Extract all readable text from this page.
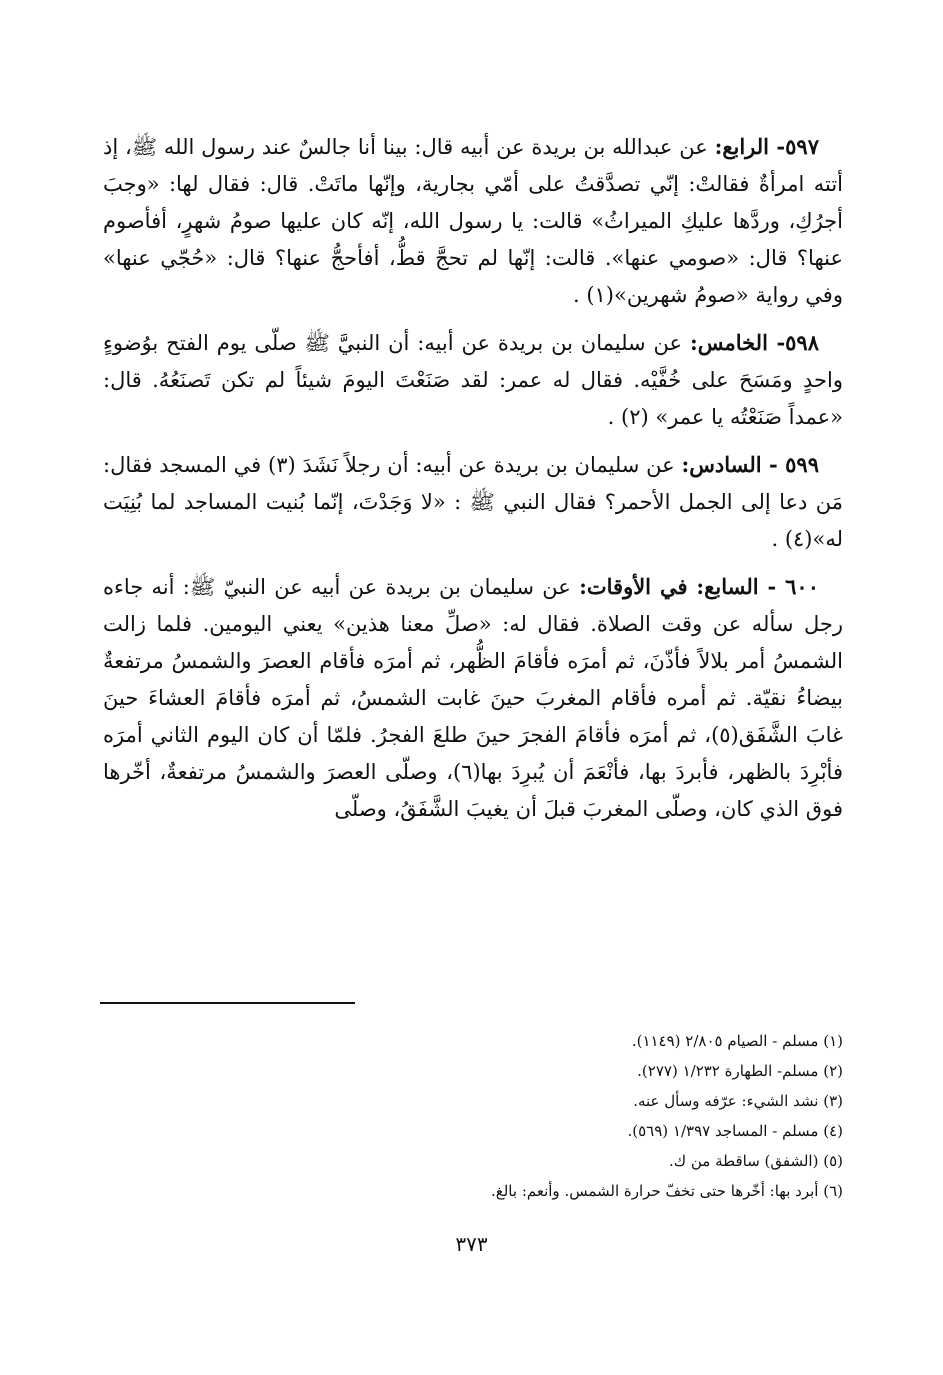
٥٩٧- الرابع: عن عبدالله بن بريدة عن أبيه قال: بينا أنا جالسٌ عند رسول الله ﷺ، إذ أتته امرأةٌ فقالتْ: إنّي تصدَّقتُ على أمّي بجارية، وإنّها ماتَتْ. قال: فقال لها: «وجبَ أجرُكِ، وردَّها عليكِ الميراثُ» قالت: يا رسول الله، إنّه كان عليها صومُ شهرٍ، أفأصوم عنها؟ قال: «صومي عنها». قالت: إنّها لم تحجَّ قطُّ، أفأحجُّ عنها؟ قال: «حُجّي عنها» وفي رواية «صومُ شهرين»(١) .

٥٩٨- الخامس: عن سليمان بن بريدة عن أبيه: أن النبيَّ ﷺ صلّى يوم الفتح بوُضوءٍ واحدٍ ومَسَحَ على خُفَّيْه. فقال له عمر: لقد صَنَعْتَ اليومَ شيئاً لم تكن تَصنَعُهُ. قال: «عمداً صَنَعْتُه يا عمر» (٢) .

٥٩٩ - السادس: عن سليمان بن بريدة عن أبيه: أن رجلاً نَشَدَ (٣) في المسجد فقال: مَن دعا إلى الجمل الأحمر؟ فقال النبي ﷺ : «لا وَجَدْتَ، إنّما بُنيت المساجد لما بُنِيَت له»(٤) .

٦٠٠ - السابع: في الأوقات: عن سليمان بن بريدة عن أبيه عن النبيّ ﷺ: أنه جاءه رجل سأله عن وقت الصلاة. فقال له: «صلِّ معنا هذين» يعني اليومين. فلما زالت الشمسُ أمر بلالاً فأذّنَ، ثم أمرَه فأقامَ الظُّهر، ثم أمرَه فأقام العصرَ والشمسُ مرتفعةٌ بيضاءُ نقيّة. ثم أمره فأقام المغربَ حينَ غابت الشمسُ، ثم أمرَه فأقامَ العشاءَ حينَ غابَ الشَّفَق(٥)، ثم أمرَه فأقامَ الفجرَ حينَ طلعَ الفجرُ. فلمّا أن كان اليوم الثاني أمرَه فأبْرِدَ بالظهر، فأبردَ بها، فأنْعَمَ أن يُبرِدَ بها(٦)، وصلّى العصرَ والشمسُ مرتفعةٌ، أخّرها فوق الذي كان، وصلّى المغربَ قبلَ أن يغيبَ الشَّفَقُ، وصلّى

(١) مسلم - الصيام ٢/٨٠٥ (١١٤٩).

(٢) مسلم- الطهارة ١/٢٣٢ (٢٧٧).

(٣) نشد الشيء: عرّفه وسأل عنه.

(٤) مسلم - المساجد ١/٣٩٧ (٥٦٩).

(٥) (الشفق) ساقطة من ك.

(٦) أبرد بها: أخّرها حتى تخفّ حرارة الشمس. وأنعم: بالغ.

٣٧٣
